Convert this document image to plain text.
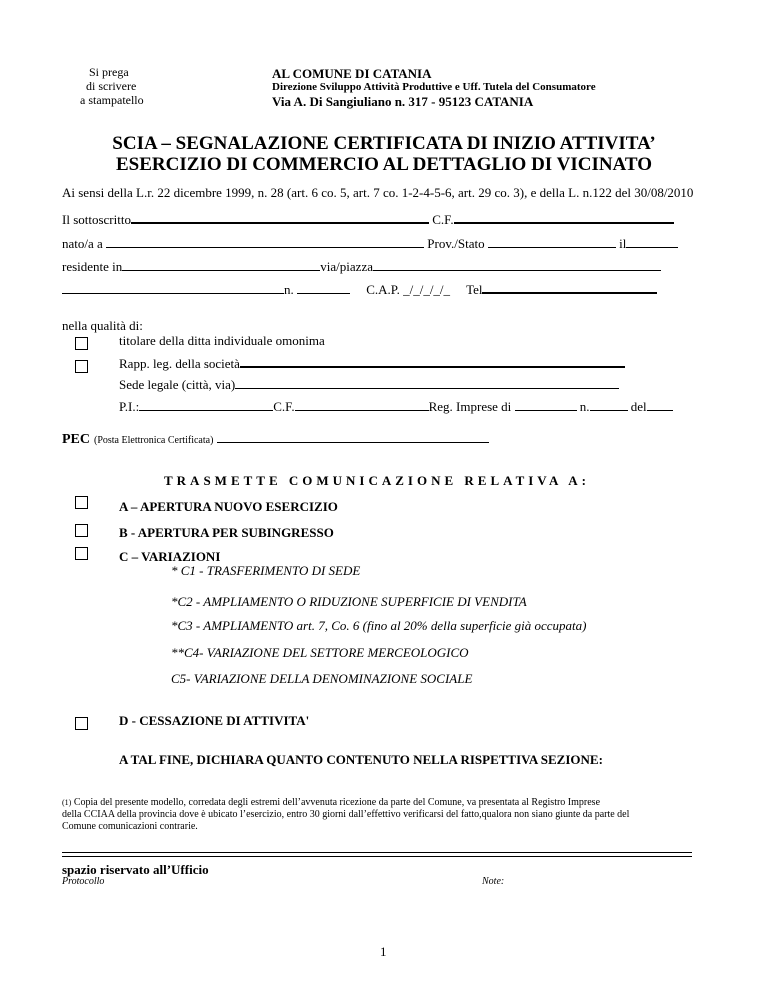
Si prega
di scrivere
a stampatello
AL COMUNE DI CATANIA
Direzione Sviluppo Attività Produttive e Uff. Tutela del Consumatore
Via A. Di Sangiuliano n. 317 - 95123 CATANIA
SCIA – SEGNALAZIONE CERTIFICATA DI INIZIO ATTIVITA’
ESERCIZIO DI COMMERCIO AL DETTAGLIO DI VICINATO
Ai sensi della L.r. 22 dicembre 1999, n. 28 (art. 6 co. 5, art. 7 co. 1-2-4-5-6, art. 29 co. 3), e della L. n.122 del 30/08/2010
Il sottoscritto	C.F.
nato/a a	Prov./Stato	il
residente in	via/piazza
n.	C.A.P. _/_/_/_/_ Tel
nella qualità di:
titolare della ditta individuale omonima
Rapp. leg. della società
Sede legale (città, via)
P.I.:	C.F.	Reg. Imprese di	n.	del
PEC (Posta Elettronica Certificata)
TRASMETTE COMUNICAZIONE RELATIVA A:
A – APERTURA NUOVO ESERCIZIO
B - APERTURA PER SUBINGRESSO
C – VARIAZIONI
* C1 - TRASFERIMENTO DI SEDE
*C2 - AMPLIAMENTO O RIDUZIONE SUPERFICIE DI VENDITA
*C3 - AMPLIAMENTO art. 7, Co. 6 (fino al 20% della superficie già occupata)
**C4- VARIAZIONE DEL SETTORE MERCEOLOGICO
C5- VARIAZIONE DELLA DENOMINAZIONE SOCIALE
D - CESSAZIONE DI ATTIVITA'
A TAL FINE, DICHIARA QUANTO CONTENUTO NELLA RISPETTIVA SEZIONE:
(1) Copia del presente modello, corredata degli estremi dell’avvenuta ricezione da parte del Comune, va presentata al Registro Imprese
della CCIAA della provincia dove è ubicato l’esercizio, entro 30 giorni dall’effettivo verificarsi del fatto,qualora non siano giunte da parte del
Comune comunicazioni contrarie.
spazio riservato all’Ufficio
Protocollo	Note:
1
